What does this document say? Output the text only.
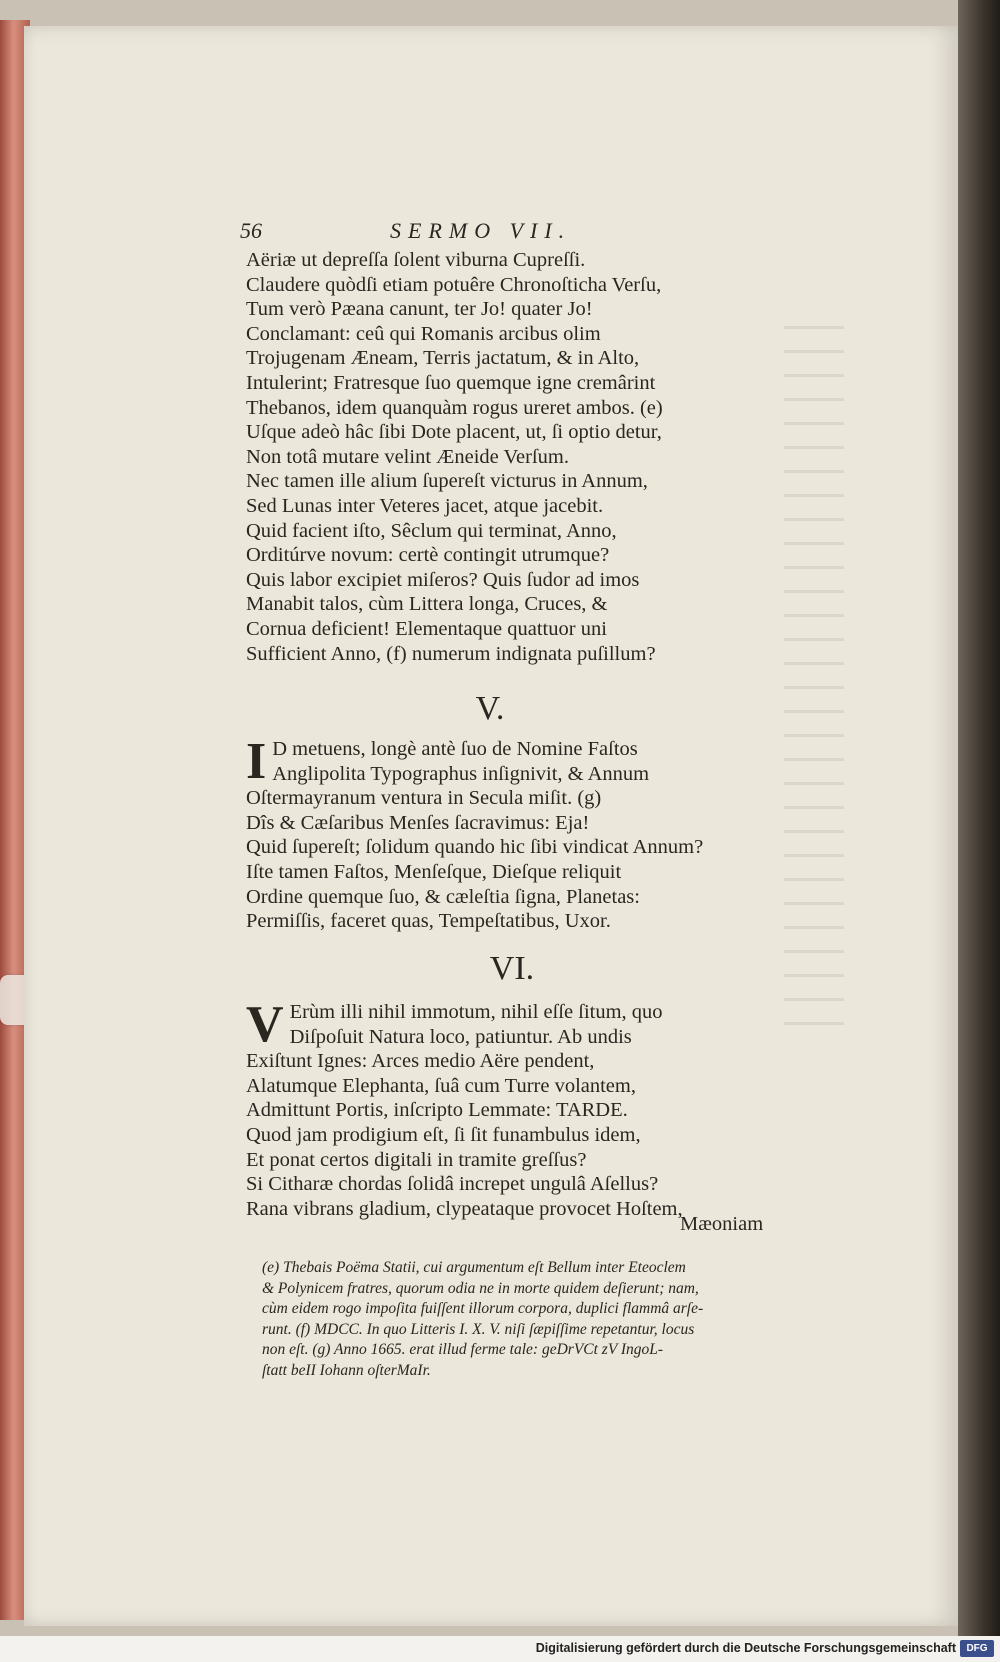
56	SERMO VII.
Aëriæ ut depreſſa ſolent viburna Cupreſſi.
Claudere quòdſi etiam potuêre Chronoſticha Verſu,
Tum verò Pæana canunt, ter Jo! quater Jo!
Conclamant: ceû qui Romanis arcibus olim
Trojugenam Æneam, Terris jactatum, & in Alto,
Intulerint; Fratresque ſuo quemque igne cremârint
Thebanos, idem quanquàm rogus ureret ambos. (e)
Uſque adeò hâc ſibi Dote placent, ut, ſi optio detur,
Non totâ mutare velint Æneide Verſum.
Nec tamen ille alium ſupereſt victurus in Annum,
Sed Lunas inter Veteres jacet, atque jacebit.
Quid facient iſto, Sêclum qui terminat, Anno,
Orditúrve novum: certè contingit utrumque?
Quis labor excipiet miſeros? Quis ſudor ad imos
Manabit talos, cùm Littera longa, Cruces, &
Cornua deficient! Elementaque quattuor uni
Sufficient Anno, (f) numerum indignata puſillum?
V.
I D metuens, longè antè ſuo de Nomine Faſtos
Anglipolita Typographus inſignivit, & Annum
Oſtermayranum ventura in Secula miſit. (g)
Dîs & Cæſaribus Menſes ſacravimus: Eja!
Quid ſupereſt; ſolidum quando hic ſibi vindicat Annum?
Iſte tamen Faſtos, Menſeſque, Dieſque reliquit
Ordine quemque ſuo, & cæleſtia ſigna, Planetas:
Permiſſis, faceret quas, Tempeſtatibus, Uxor.
VI.
V Erùm illi nihil immotum, nihil eſſe ſitum, quo
Diſpoſuit Natura loco, patiuntur. Ab undis
Exiſtunt Ignes: Arces medio Aëre pendent,
Alatumque Elephanta, ſuâ cum Turre volantem,
Admittunt Portis, inſcripto Lemmate: TARDE.
Quod jam prodigium eſt, ſi ſit funambulus idem,
Et ponat certos digitali in tramite greſſus?
Si Citharæ chordas ſolidâ increpet ungulâ Aſellus?
Rana vibrans gladium, clypeataque provocet Hoſtem,
Mæoniam
(e) Thebais Poëma Statii, cui argumentum eſt Bellum inter Eteoclem
& Polynicem fratres, quorum odia ne in morte quidem deſierunt; nam,
cùm eidem rogo impoſita fuiſſent illorum corpora, duplici flammâ arſe-
runt. (f) MDCC. In quo Litteris I. X. V. niſi ſæpiſſime repetantur, locus
non eſt. (g) Anno 1665. erat illud ferme tale: geDrVCt zV IngoL-
ſtatt beII Iohann oſterMaIr.
Digitalisierung gefördert durch die Deutsche Forschungsgemeinschaft	DFG
